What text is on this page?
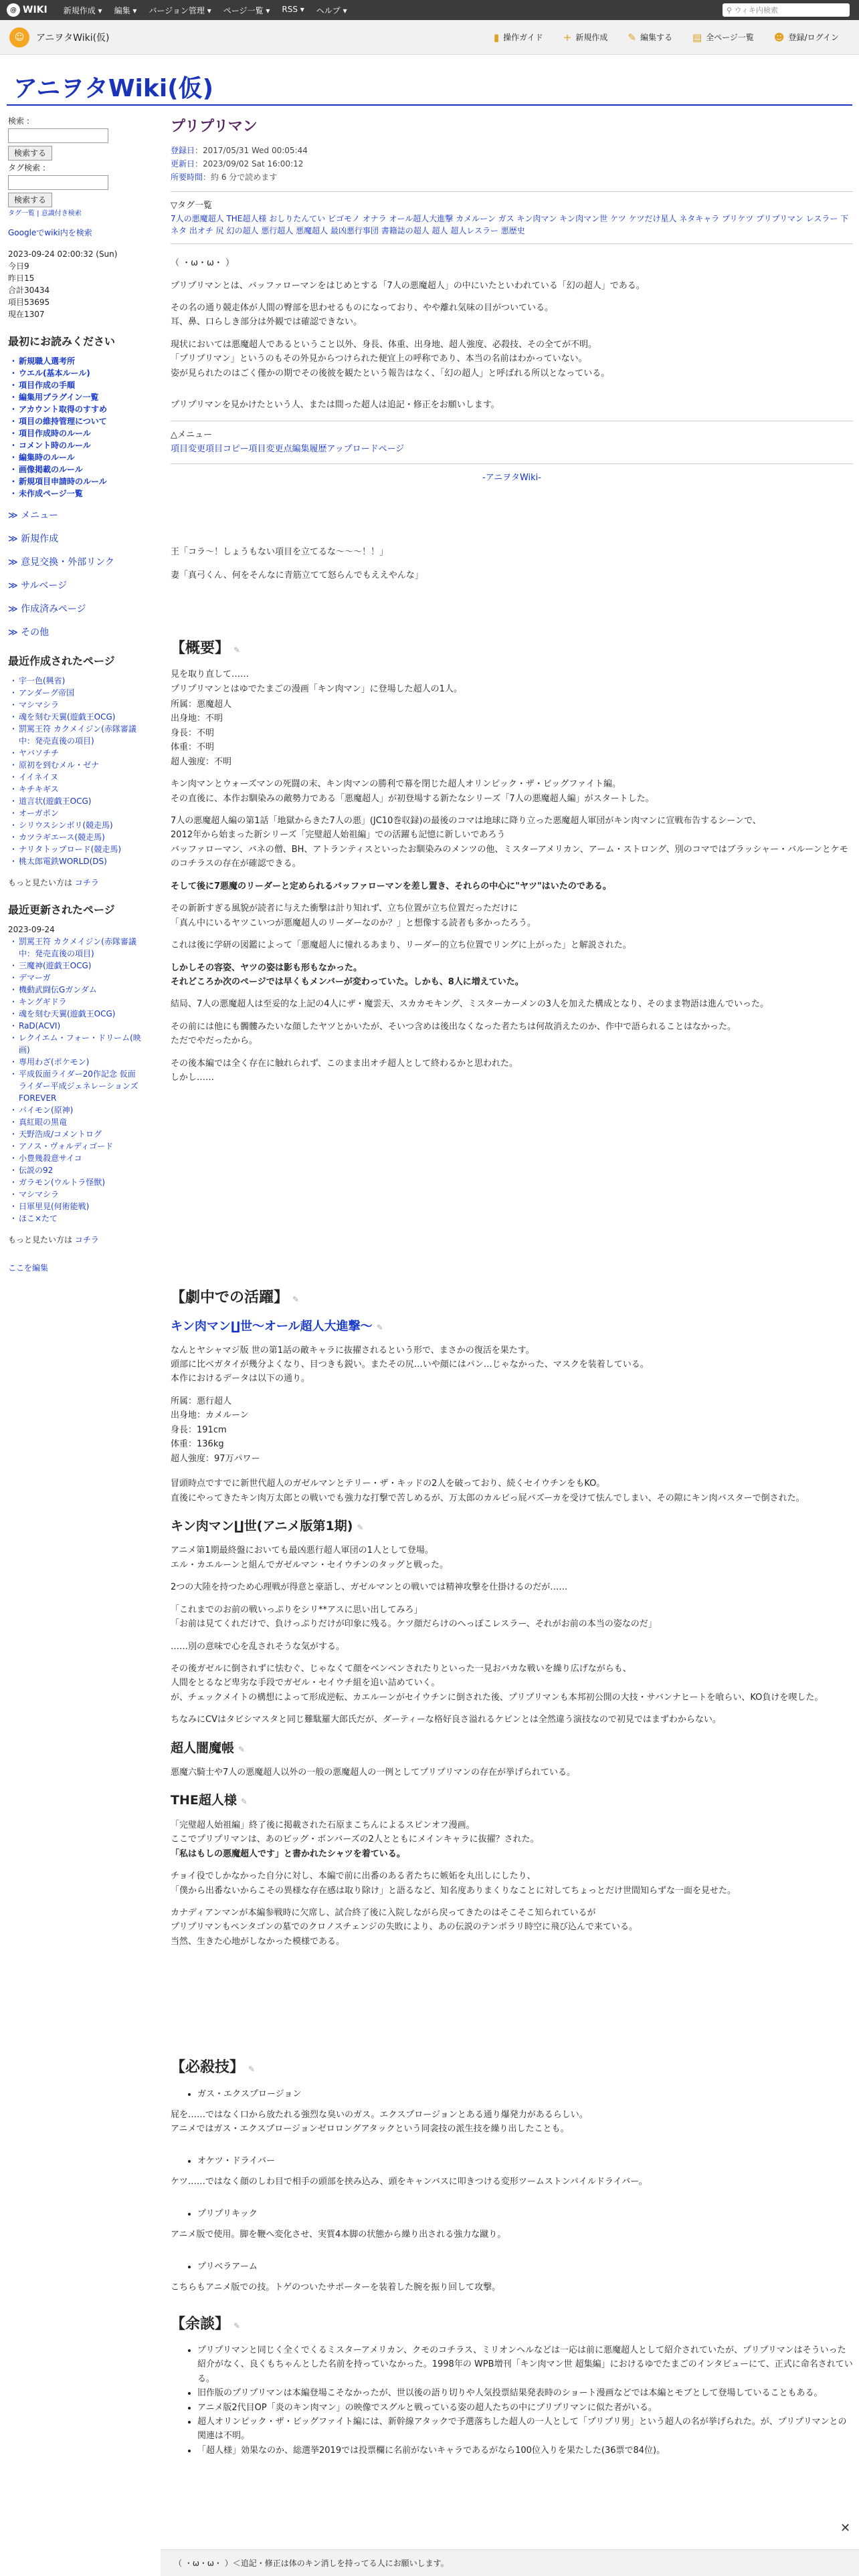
@ WIKI 新規作成 ▾ 編集 ▾ バージョン管理 ▾ ページ一覧 ▾ RSS ▾ ヘルプ ▾	⚲ ウィキ内検索
☺	アニヲタWiki(仮)	▮ 操作ガイド + 新規作成 ✎ 編集する ▤ 全ページ一覧 ☻ 登録/ログイン
アニヲタWiki(仮)
検索 :
検索する
タグ検索 :
検索する
タグ一覧 | 意識付き検索
Googleでwiki内を検索
2023-09-24 02:00:32 (Sun)
今日9
昨日15
合計30434
項目53695
現在1307
最初にお読みください
・ 新規職人選考所
・ ウエル(基本ルール)
・ 項目作成の手順
・ 編集用プラグイン一覧
・ アカウント取得のすすめ
・ 項目の維持管理について
・ 項目作成時のルール
・ コメント時のルール
・ 編集時のルール
・ 画像掲載のルール
・ 新規項目申請時のルール
・ 未作成ページ一覧
≫ メニュー
≫ 新規作成
≫ 意見交換・外部リンク
≫ サルベージ
≫ 作成済みページ
≫ その他
最近作成されたページ
・ 宇一色(興省)
・ アンダーグ帝国
・ マシマシラ
・ 魂を刻む天翼(遊戯王OCG)
・ 罰罵王符 カクメイジン(赤隊審議中：発売直後の項目)
・ ヤバソチチ
・ 原初を到むメル・ゼナ
・ イイネイヌ
・ キチキギス
・ 道言状(遊戯王OCG)
・ オーガポン
・ シリウスシンボリ(競走馬)
・ カツラギエース(競走馬)
・ ナリタトップロード(競走馬)
・ 桃太郎電鉄WORLD(DS)
もっと見たい方は コチラ
最近更新されたページ
2023-09-24
・ 罰罵王符 カクメイジン(赤隊審議中：発売直後の項目)
・ 三魔神(遊戯王OCG)
・ デマーガ
・ 機動武闘伝Gガンダム
・ キングギドラ
・ 魂を刻む天翼(遊戯王OCG)
・ RaD(ACVI)
・ レクイエム・フォー・ドリーム(映画)
・ 専用わざ(ポケモン)
・ 平成仮面ライダー20作記念 仮面ライダー平成ジェネレーションズFOREVER
・ パイモン(原神)
・ 真紅眼の黒竜
・ 天野浩成/コメントログ
・ アノス・ヴォルディゴード
・ 小豊幾殺意サイコ
・ 伝説の92
・ ガラモン(ウルトラ怪獣)
・ マシマシラ
・ 日軍里見(何術能戦)
・ ほこ×たて
もっと見たい方は コチラ
ここを編集
プリプリマン
登録日：2017/05/31 Wed 00:05:44
更新日：2023/09/02 Sat 16:00:12
所要時間：約 6 分で読めます
▽タグ一覧
7人の悪魔超人 THE超人様 おしりたんてい ビゴモノ オナラ オール超人大進撃 カメルーン ガス キン肉マン キン肉マン世 ケツ ケツだけ星人 ネタキャラ プリケツ プリプリマン レスラー 下ネタ 出オチ 尻 幻の超人 悪行超人 悪魔超人 最凶悪行事団 書籍誌の超人 超人 超人レスラー 悪歴史

（ ・ω・ω・ ）

プリプリマンとは、バッファローマンをはじめとする「7人の悪魔超人」の中にいたといわれている「幻の超人」である。

その名の通り競走体が人間の臀部を思わせるものになっており、やや離れ気味の目がついている。

耳、鼻、口らしき部分は外観では確認できない。

現状においては悪魔超人であるということ以外、身長、体重、出身地、超人強度、必殺技、その全てが不明。

「プリプリマン」というのもその外見からつけられた便宜上の呼称であり、本当の名前はわかっていない。

姿が見られたのはごく僅かの期でその後彼を観たという報告はなく、「幻の超人」と呼ばれる所以となっている。

プリプリマンを見かけたという人、または間った超人は追記・修正をお願いします。

△メニュー
項目変更項目コピー項目変更点編集履歴アップロードページ

-アニヲタWiki-

王「コラ～！しょうもない項目を立てるな～～～！！」

妻「真弓くん、何をそんなに青筋立てて怒らんでもええやんな」

【概要】 ✎

見を取り直して……
プリプリマンとはゆでたまごの漫画「キン肉マン」に登場した超人の1人。

所属：悪魔超人
出身地：不明
身長：不明
体重：不明
超人強度：不明

キン肉マンとウォーズマンの死闘の末、キン肉マンの勝利で幕を閉じた超人オリンピック・ザ・ビッグファイト編。
その直後に、本作お馴染みの敵勢力である「悪魔超人」が初登場する新たなシリーズ「7人の悪魔超人編」がスタートした。

7人の悪魔超人編の第1話「地獄からきた7人の悪」(JC10巻収録)の最後のコマは地球に降り立った悪魔超人軍団がキン肉マンに宣戦布告するシーンで、
2012年から始まった新シリーズ「完璧超人始祖編」での活躍も記憶に新しいであろう
バッファローマン、バネの僧、BH、アトランティスといったお馴染みのメンツの他、ミスターアメリカン、アーム・ストロング、別のコマではブラッシャー・バルーンとケモのコチラスの存在が確認できる。

そして後に7悪魔のリーダーと定められるバッファローマンを差し置き、それらの中心に"ヤツ"はいたのである。

その新新すぎる風貌が読者に与えた衝撃は計り知れず、立ち位置が立ち位置だっただけに
「真ん中にいるヤツこいつが悪魔超人のリーダーなのか？」と想像する読者も多かったろう。

これは後に学研の図鑑によって「悪魔超人に憧れるあまり、リーダー的立ち位置でリングに上がった」と解説された。

しかしその容姿、ヤツの姿は影も形もなかった。
それどころか次のページでは早くもメンバーが変わっていた。しかも、8人に増えていた。

結局、7人の悪魔超人は至妥的な上記の4人にザ・魔雲天、スカカモキング、ミスターカーメンの3人を加えた構成となり、そのまま物語は進んでいった。

その前には他にも髑髏みたいな顔したヤツとかいたが、そいつ含めは後出なくなった者たちは何故消えたのか、作中で語られることはなかった。
ただでやだったから。

その後本編では全く存在に触れられず、このまま出オチ超人として終わるかと思われた。
しかし……

【劇中での活躍】 ✎
キン肉マン∐世～オール超人大進撃～ ✎

なんとヤシャマジ版 世の第1話の敵キャラに抜擢されるという形で、まさかの復活を果たす。
頭部に比べガタイが幾分よくなり、目つきも鋭い。またその尻…いや顔にはパン…じゃなかった、マスクを装着している。
本作におけるデータは以下の通り。

所属：悪行超人
出身地：カメルーン
身長：191cm
体重：136kg
超人強度：97万パワー

冒頭時点ですでに新世代超人のガゼルマンとテリー・ザ・キッドの2人を破っており、続くセイウチンをもKO。
直後にやってきたキン肉万太郎との戦いでも強力な打撃で苦しめるが、万太郎のカルビっ屁バズーカを受けて怯んでしまい、その隙にキン肉バスターで倒された。

キン肉マン∐世(アニメ版第1期) ✎

アニメ第1期最終盤においても最凶悪行超人軍団の1人として登場。
エル・カエルーンと組んでガゼルマン・セイウチンのタッグと戦った。

2つの大陸を持つため心理戦が得意と豪語し、ガゼルマンとの戦いでは精神攻撃を仕掛けるのだが……

「これまでのお前の戦いっぷりをシリ**アスに思い出してみろ」
「お前は見てくれだけで、負けっぷりだけが印象に残る。ケツ顔だらけのへっぽこレスラー、それがお前の本当の姿なのだ」

……別の意味で心を乱されそうな気がする。

その後ガゼルに倒されずに怯むぐ、じゃなくて顔をベンベンされたりといった一見おバカな戦いを繰り広げながらも、
人間をとるなど卑劣な手段でガゼル・セイウチ組を追い詰めていく。
が、チェックメイトの構想によって形成逆転、カエルーンがセイウチンに倒された後、プリプリマンも本邦初公開の大技・サバンナヒートを喰らい、KO負けを喫した。

ちなみにCVはタビシマスタと同じ難駄羅大郎氏だが、ダーティーな格好良さ溢れるケビンとは全然違う演技なので初見ではまずわからない。

超人闇魔帳 ✎

悪魔六騎士や7人の悪魔超人以外の一般の悪魔超人の一例としてプリプリマンの存在が挙げられている。

THE超人様 ✎

「完璧超人始祖編」終了後に掲載された石原まこちんによるスピンオフ漫画。
ここでプリプリマンは、あのビッグ・ボンバーズの2人とともにメインキャラに抜擢？された。

「私はもしの悪魔超人です」と書かれたシャツを着ている。

チョイ役でしかなかった自分に対し、本編で前に出番のある者たちに嫉妬を丸出しにしたり、
「僕から出番ないからこその異様な存在感は取り除け」と語るなど、知名度ありまくりなことに対してちょっとだけ世間知らずな一面を見せた。

カナディアンマンが本編参戦時に欠席し、試合終了後に入院しながら戻ってきたのはそこそこ知られているが
プリプリマンもペンタゴンの墓でのクロノスチェンジの失敗により、あの伝説のテンポラリ時空に飛び込んで来ている。
当然、生きた心地がしなかった模様である。

【必殺技】 ✎
• ガス・エクスプロージョン

屁を……ではなく口から放たれる強烈な臭いのガス。エクスプロージョンとある通り爆発力があるらしい。
アニメではガス・エクスプロージョンゼロロングアタックという同衾技の派生技を繰り出したことも。

• オケツ・ドライバー

ケツ……ではなく顔のしわ目で相手の頭部を挟み込み、頭をキャンバスに叩きつける変形ツームストンパイルドライバー。

• プリプリキック

アニメ版で使用。脚を鞭へ変化させ、実質4本脚の状態から繰り出される強力な蹴り。

• プリベラアーム

こちらもアニメ版での技。トゲのついたサポーターを装着した腕を振り回して攻撃。

【余談】 ✎
• プリプリマンと同じく全くでくるミスターアメリカン、クモのコチラス、ミリオンヘルなどは一応は前に悪魔超人として紹介されていたが、プリプリマンはそういった紹介がなく、良くもちゃんとした名前を持っていなかった。1998年の WPB増刊「キン肉マン世 超集編」におけるゆでたまごのインタビューにて、正式に命名されている。
• 旧作版のプリプリマンは本編登場こそなかったが、世以後の語り切りや人気投票結果発表時のショート漫画などでは本編とモブとして登場していることもある。
• アニメ版2代目OP「炎のキン肉マン」の映像でスグルと戦っている姿の超人たちの中にプリプリマンに似た者がいる。
• 超人オリンピック・ザ・ビッグファイト編には、新幹線アタックで予選落ちした超人の一人として「プリプリ男」という超人の名が挙げられた。が、プリプリマンとの関連は不明。
• 「超人様」効果なのか、総選挙2019では投票欄に名前がないキャラであるがなら100位入りを果たした(36票で84位)。
✕
（ ・ω・ω・ ）＜追記・修正は体のキン消しを持ってる人にお願いします。
